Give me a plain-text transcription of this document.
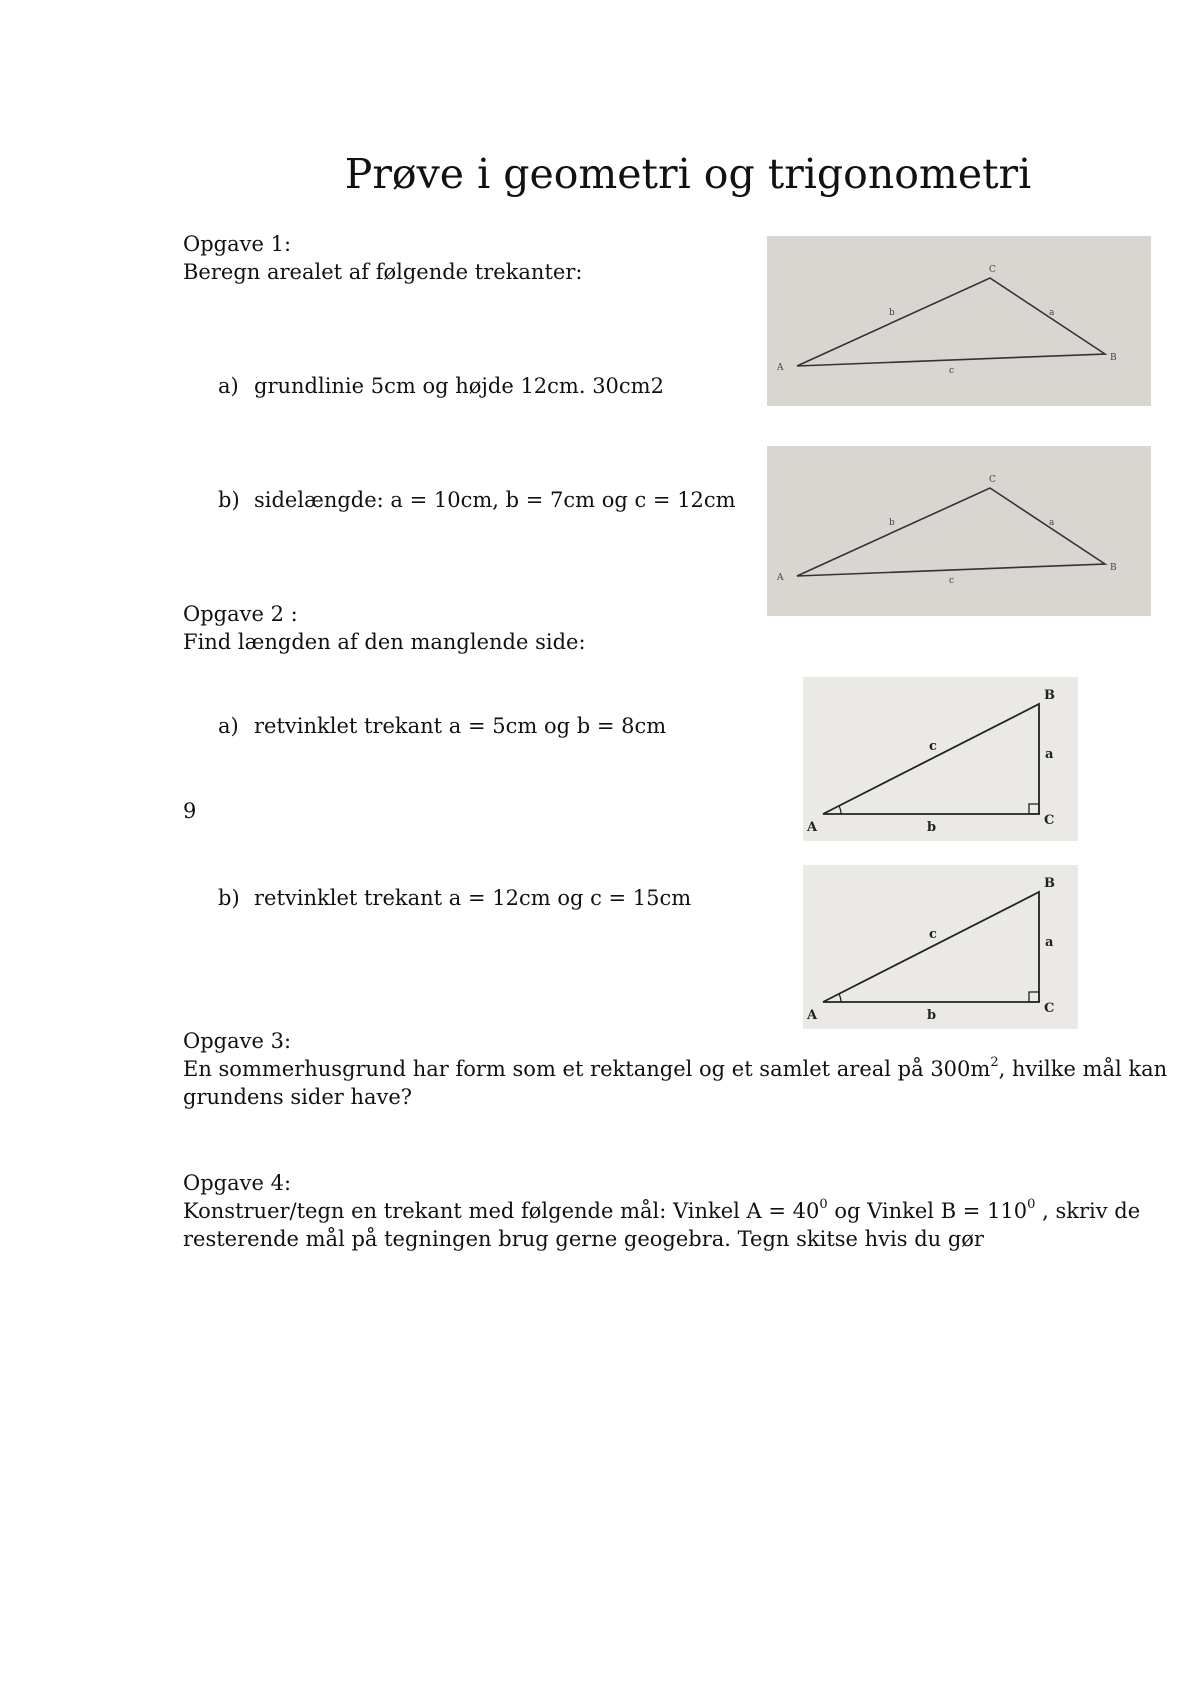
Prøve i geometri og trigonometri
Opgave 1:
Beregn arealet af følgende trekanter:
a) grundlinie 5cm og højde 12cm. 30cm2
b) sidelængde: a = 10cm, b = 7cm og c = 12cm
Opgave 2 :
Find længden af den manglende side:
a) retvinklet trekant a = 5cm og b = 8cm
9
b) retvinklet trekant a = 12cm og c = 15cm
Opgave 3:
En sommerhusgrund har form som et rektangel og et samlet areal på $300m^2$, hvilke mål kan
grundens sider have?
Opgave 4:
Konstruer/tegn en trekant med følgende mål: Vinkel $A = 40^0$ og Vinkel $B = 110^0$ , skriv de
resterende mål på tegningen brug gerne geogebra. Tegn skitse hvis du gør
A
C
B
b	a
c
A
C
B
b	a
c
A
B
C
a
b
c
A
B
C
a
b
c
